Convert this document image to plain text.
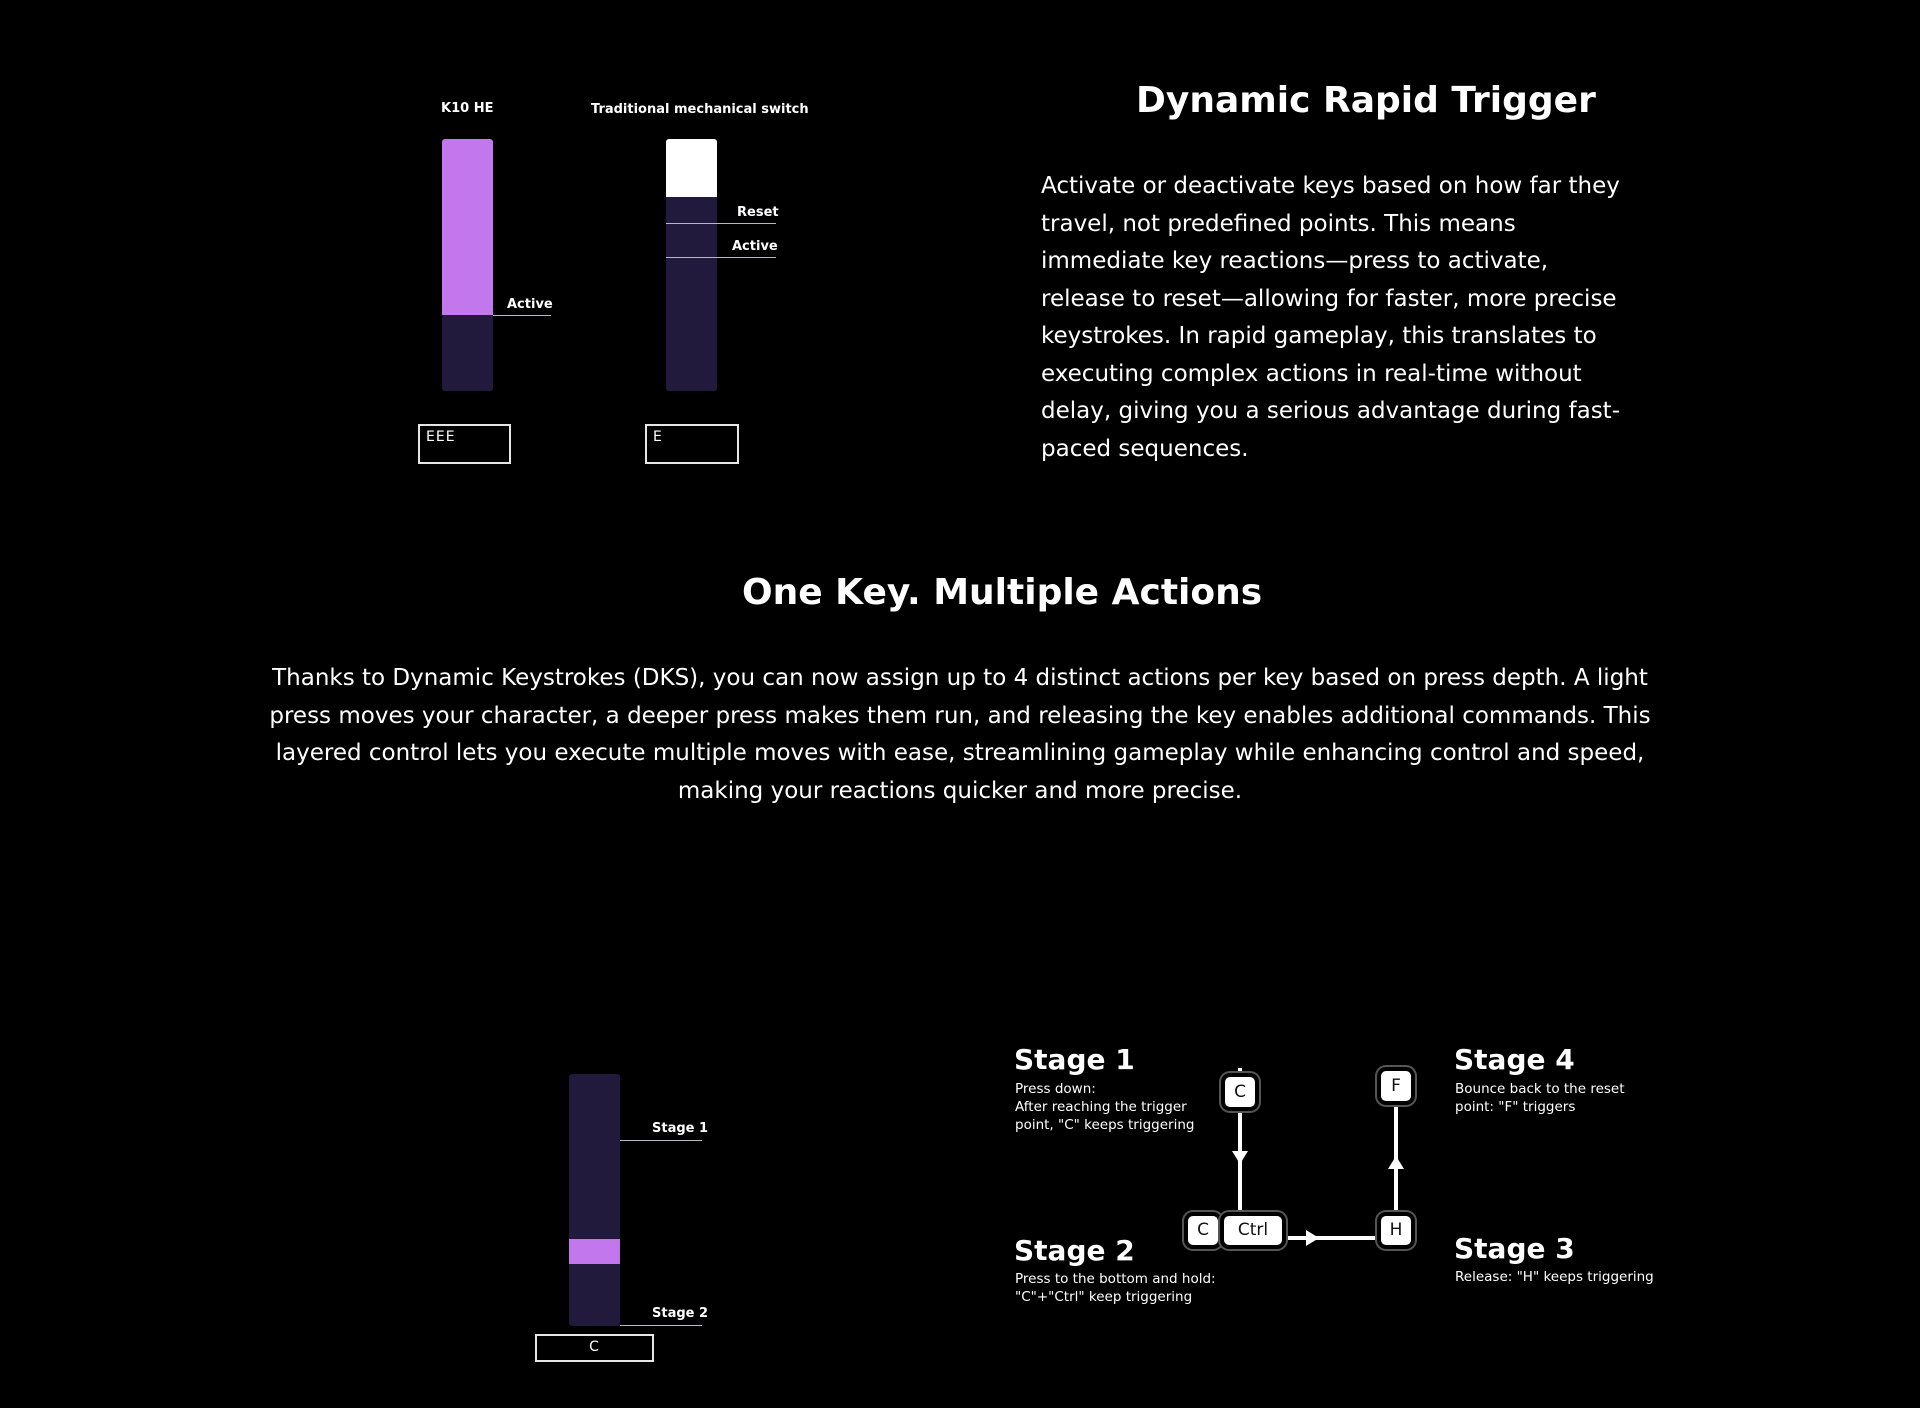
K10 HE
Active
EEE
Traditional mechanical switch
Reset
Active
E
Dynamic Rapid Trigger
Activate or deactivate keys based on how far they travel, not predefined points. This means immediate key reactions—press to activate, release to reset—allowing for faster, more precise keystrokes. In rapid gameplay, this translates to executing complex actions in real-time without delay, giving you a serious advantage during fast-paced sequences.
One Key. Multiple Actions
Thanks to Dynamic Keystrokes (DKS), you can now assign up to 4 distinct actions per key based on press depth. A light press moves your character, a deeper press makes them run, and releasing the key enables additional commands. This layered control lets you execute multiple moves with ease, streamlining gameplay while enhancing control and speed, making your reactions quicker and more precise.
Stage 1
Stage 2
C
Stage 1
Press down:
After reaching the trigger
point, "C" keeps triggering
Stage 2
Press to the bottom and hold:
"C"+"Ctrl" keep triggering
Stage 3
Release: "H" keeps triggering
Stage 4
Bounce back to the reset
point: "F" triggers
C
C	Ctrl	H
F
